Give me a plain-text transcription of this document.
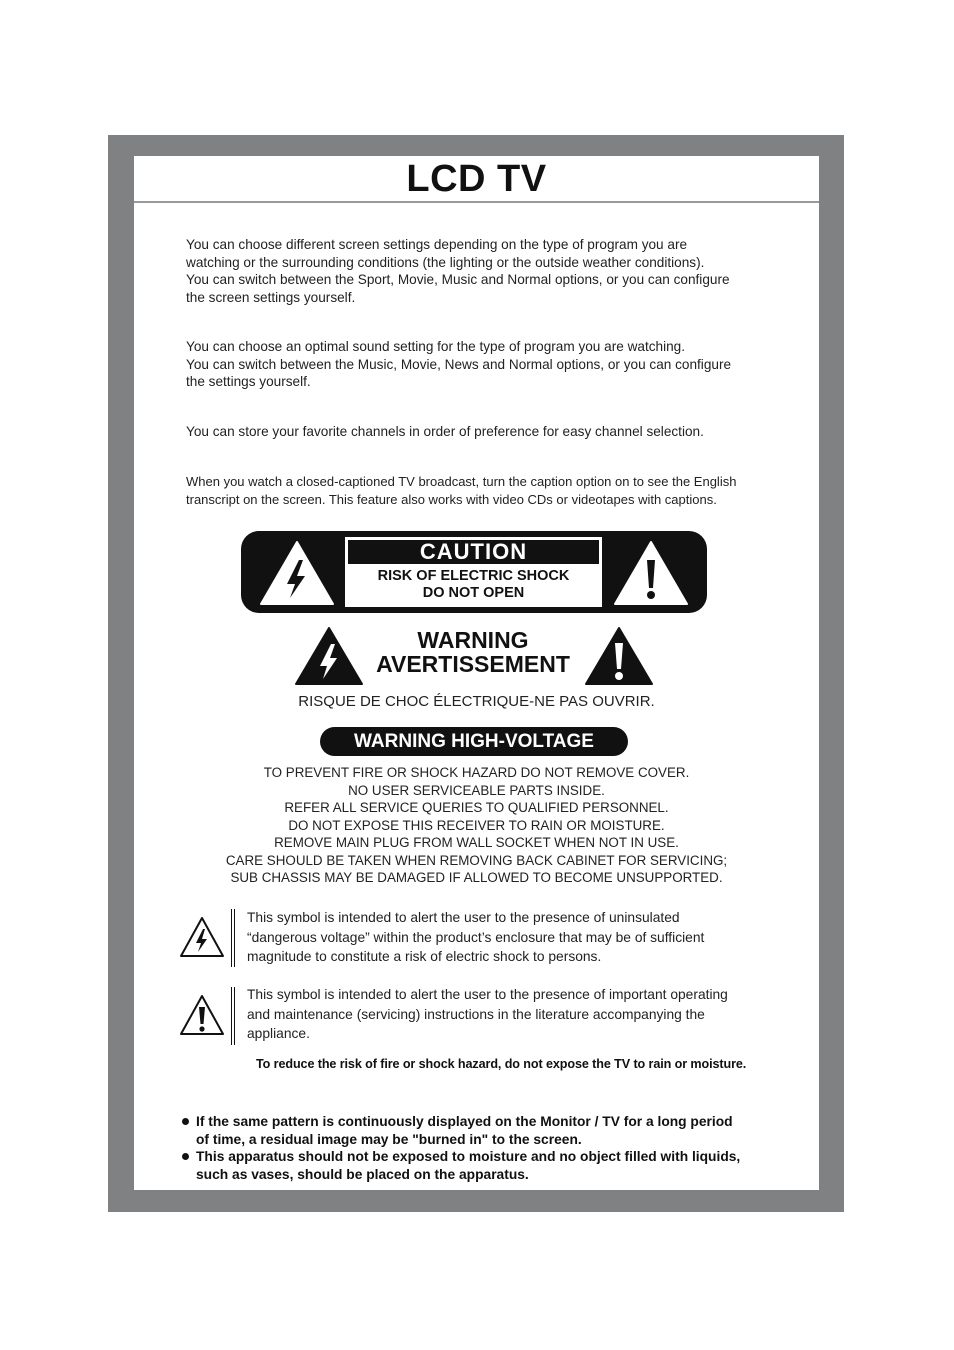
LCD TV

You can choose different screen settings depending on the type of program you are
watching or the surrounding conditions (the lighting or the outside weather conditions).
You can switch between the Sport, Movie, Music and Normal options, or you can configure
the screen settings yourself.

You can choose an optimal sound setting for the type of program you are watching.
You can switch between the Music, Movie, News and Normal options, or you can configure
the settings yourself.

You can store your favorite channels in order of preference for easy channel selection.

When you watch a closed-captioned TV broadcast, turn the caption option on to see the English
transcript on the screen. This feature also works with video CDs or videotapes with captions.

CAUTION
RISK OF ELECTRIC SHOCK
DO NOT OPEN
WARNING
AVERTISSEMENT
RISQUE DE CHOC ÉLECTRIQUE-NE PAS OUVRIR.
WARNING HIGH-VOLTAGE
TO PREVENT FIRE OR SHOCK HAZARD DO NOT REMOVE COVER.
NO USER SERVICEABLE PARTS INSIDE.
REFER ALL SERVICE QUERIES TO QUALIFIED PERSONNEL.
DO NOT EXPOSE THIS RECEIVER TO RAIN OR MOISTURE.
REMOVE MAIN PLUG FROM WALL SOCKET WHEN NOT IN USE.
CARE SHOULD BE TAKEN WHEN REMOVING BACK CABINET FOR SERVICING;
SUB CHASSIS MAY BE DAMAGED IF ALLOWED TO BECOME UNSUPPORTED.
This symbol is intended to alert the user to the presence of uninsulated
“dangerous voltage” within the product’s enclosure that may be of sufficient
magnitude to constitute a risk of electric shock to persons.
This symbol is intended to alert the user to the presence of important operating
and maintenance (servicing) instructions in the literature accompanying the
appliance.
To reduce the risk of fire or shock hazard, do not expose the TV to rain or moisture.
If the same pattern is continuously displayed on the Monitor / TV for a long period
of time, a residual image may be "burned in" to the screen.
This apparatus should not be exposed to moisture and no object filled with liquids,
such as vases, should be placed on the apparatus.
